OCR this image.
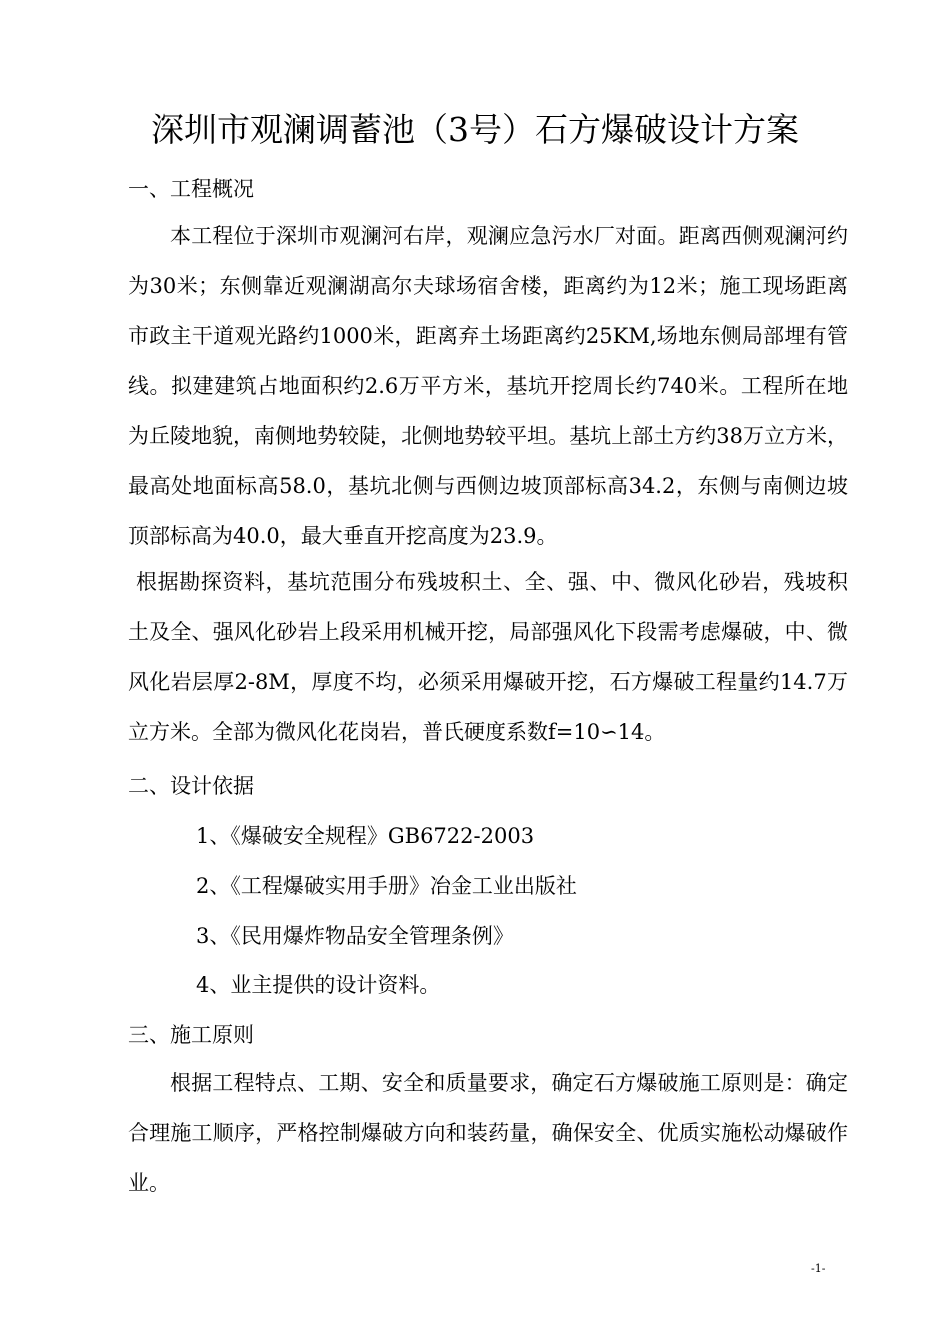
深圳市观澜调蓄池（3号）石方爆破设计方案
一、工程概况
本工程位于深圳市观澜河右岸，观澜应急污水厂对面。距离西侧观澜河约为30米；东侧靠近观澜湖高尔夫球场宿舍楼，距离约为12米；施工现场距离市政主干道观光路约1000米，距离弃土场距离约25KM,场地东侧局部埋有管线。拟建建筑占地面积约2.6万平方米，基坑开挖周长约740米。工程所在地为丘陵地貌，南侧地势较陡，北侧地势较平坦。基坑上部土方约38万立方米，最高处地面标高58.0，基坑北侧与西侧边坡顶部标高34.2，东侧与南侧边坡顶部标高为40.0，最大垂直开挖高度为23.9。
根据勘探资料，基坑范围分布残坡积土、全、强、中、微风化砂岩，残坡积土及全、强风化砂岩上段采用机械开挖，局部强风化下段需考虑爆破，中、微风化岩层厚2-8M，厚度不均，必须采用爆破开挖，石方爆破工程量约14.7万立方米。全部为微风化花岗岩，普氏硬度系数f=10∽14。
二、设计依据
1、《爆破安全规程》GB6722-2003
2、《工程爆破实用手册》冶金工业出版社
3、《民用爆炸物品安全管理条例》
4、业主提供的设计资料。
三、施工原则
根据工程特点、工期、安全和质量要求，确定石方爆破施工原则是：确定合理施工顺序，严格控制爆破方向和装药量，确保安全、优质实施松动爆破作业。
-1-
